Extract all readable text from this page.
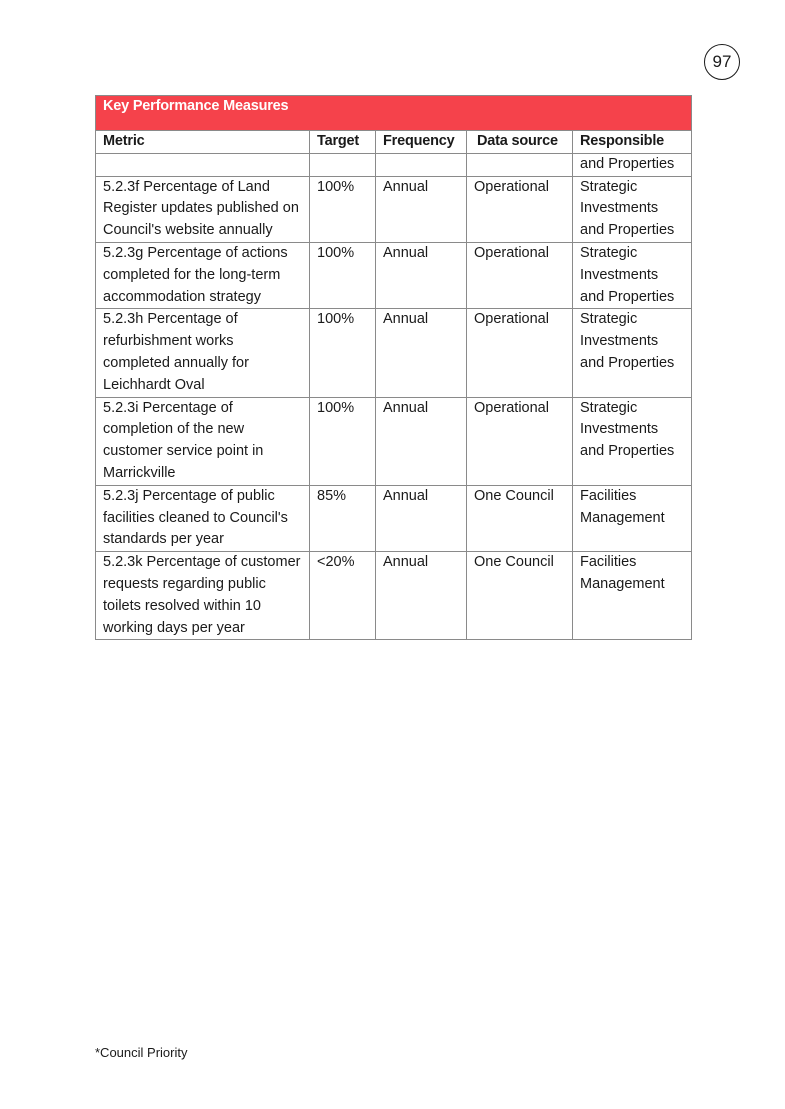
97
Key Performance Measures				
Metric	Target	Frequency	Data source	Responsible
				and Properties
5.2.3f Percentage of Land Register updates published on Council's website annually	100%	Annual	Operational	Strategic Investments and Properties
5.2.3g Percentage of actions completed for the long-term accommodation strategy	100%	Annual	Operational	Strategic Investments and Properties
5.2.3h Percentage of refurbishment works completed annually for Leichhardt Oval	100%	Annual	Operational	Strategic Investments and Properties
5.2.3i Percentage of completion of the new customer service point in Marrickville	100%	Annual	Operational	Strategic Investments and Properties
5.2.3j Percentage of public facilities cleaned to Council's standards per year	85%	Annual	One Council	Facilities Management
5.2.3k Percentage of customer requests regarding public toilets resolved within 10 working days per year	<20%	Annual	One Council	Facilities Management
*Council Priority
